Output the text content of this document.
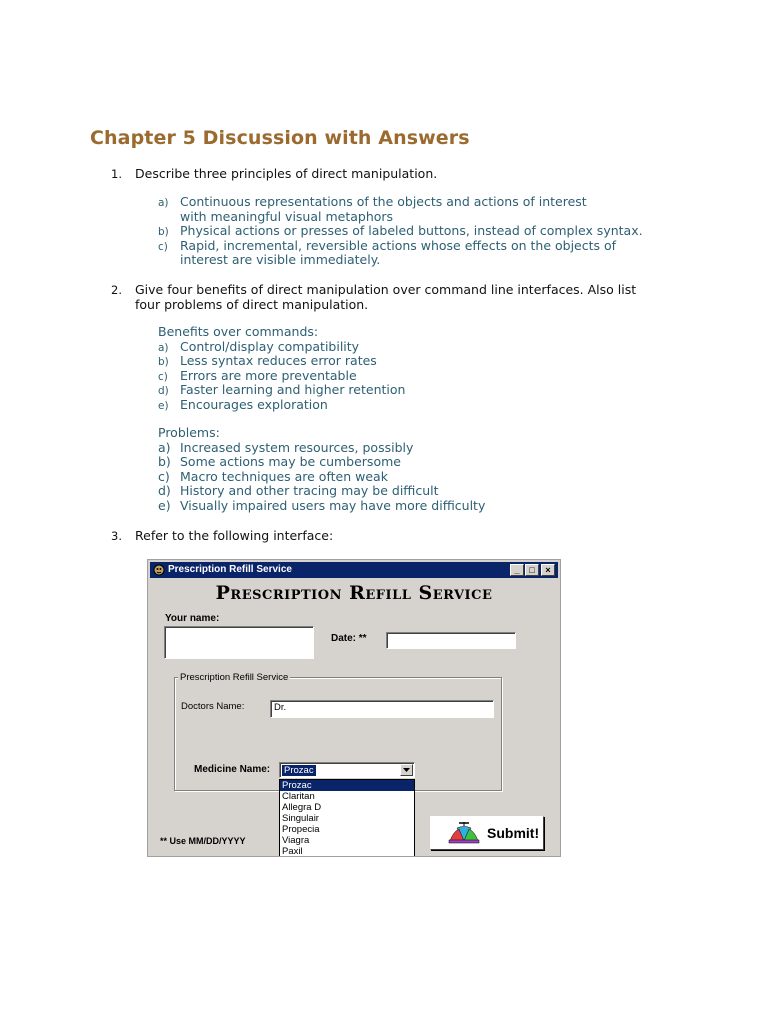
Chapter 5 Discussion with Answers
1.	Describe three principles of direct manipulation.
a) Continuous representations of the objects and actions of interest
with meaningful visual metaphors
b) Physical actions or presses of labeled buttons, instead of complex syntax.
c) Rapid, incremental, reversible actions whose effects on the objects of
interest are visible immediately.
2.	Give four benefits of direct manipulation over command line interfaces. Also list
four problems of direct manipulation.
Benefits over commands:
a) Control/display compatibility
b) Less syntax reduces error rates
c) Errors are more preventable
d) Faster learning and higher retention
e) Encourages exploration
Problems:
a) Increased system resources, possibly
b) Some actions may be cumbersome
c) Macro techniques are often weak
d) History and other tracing may be difficult
e) Visually impaired users may have more difficulty
3.	Refer to the following interface:
Prescription Refill Service	_	□	×
Prescription Refill Service
Your name:
Date: **
Prescription Refill Service
Doctors Name:	Dr.
Medicine Name: Prozac
Prozac
Claritan
Allegra D
Singulair
Propecia
Viagra
Paxil
** Use MM/DD/YYYY	Submit!
